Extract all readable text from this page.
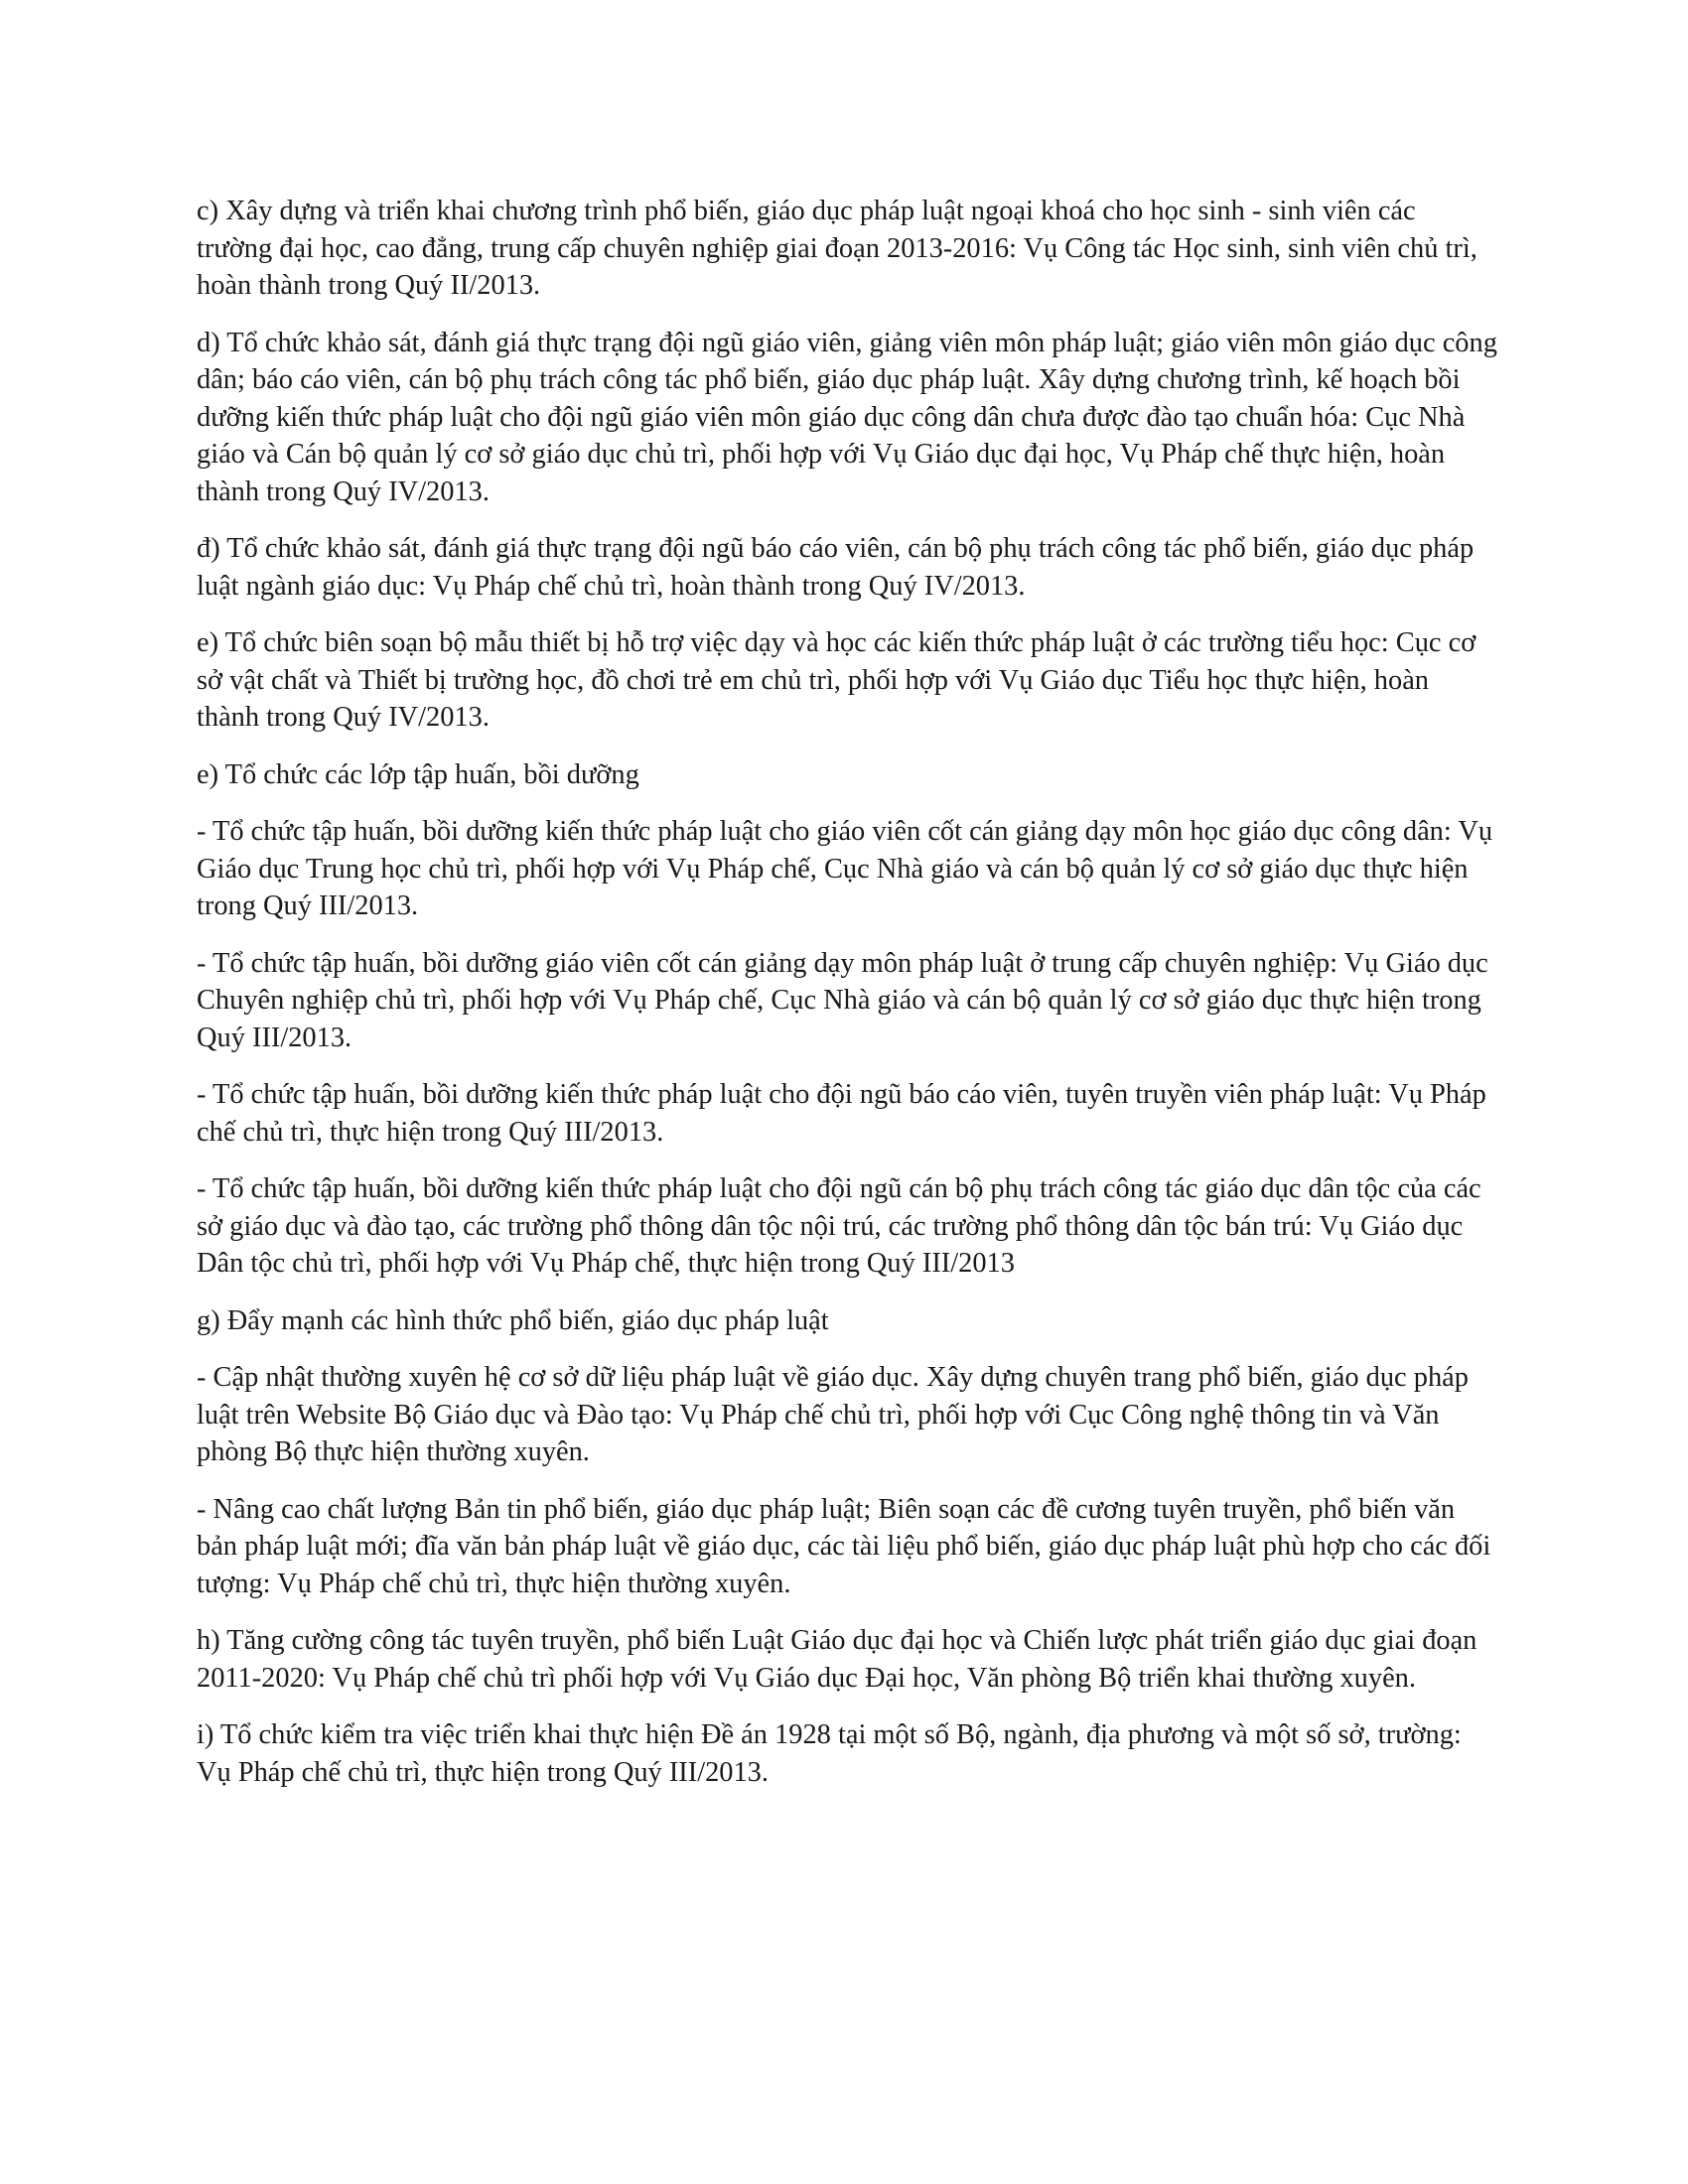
c) Xây dựng và triển khai chương trình phổ biến, giáo dục pháp luật ngoại khoá cho học sinh - sinh viên các trường đại học, cao đẳng, trung cấp chuyên nghiệp giai đoạn 2013-2016: Vụ Công tác Học sinh, sinh viên chủ trì, hoàn thành trong Quý II/2013.

d) Tổ chức khảo sát, đánh giá thực trạng đội ngũ giáo viên, giảng viên môn pháp luật; giáo viên môn giáo dục công dân; báo cáo viên, cán bộ phụ trách công tác phổ biến, giáo dục pháp luật. Xây dựng chương trình, kế hoạch bồi dưỡng kiến thức pháp luật cho đội ngũ giáo viên môn giáo dục công dân chưa được đào tạo chuẩn hóa: Cục Nhà giáo và Cán bộ quản lý cơ sở giáo dục chủ trì, phối hợp với Vụ Giáo dục đại học, Vụ Pháp chế thực hiện, hoàn thành trong Quý IV/2013.

đ) Tổ chức khảo sát, đánh giá thực trạng đội ngũ báo cáo viên, cán bộ phụ trách công tác phổ biến, giáo dục pháp luật ngành giáo dục: Vụ Pháp chế chủ trì, hoàn thành trong Quý IV/2013.

e) Tổ chức biên soạn bộ mẫu thiết bị hỗ trợ việc dạy và học các kiến thức pháp luật ở các trường tiểu học: Cục cơ sở vật chất và Thiết bị trường học, đồ chơi trẻ em chủ trì, phối hợp với Vụ Giáo dục Tiểu học thực hiện, hoàn thành trong Quý IV/2013.

e) Tổ chức các lớp tập huấn, bồi dưỡng

- Tổ chức tập huấn, bồi dưỡng kiến thức pháp luật cho giáo viên cốt cán giảng dạy môn học giáo dục công dân: Vụ Giáo dục Trung học chủ trì, phối hợp với Vụ Pháp chế, Cục Nhà giáo và cán bộ quản lý cơ sở giáo dục thực hiện trong Quý III/2013.

- Tổ chức tập huấn, bồi dưỡng giáo viên cốt cán giảng dạy môn pháp luật ở trung cấp chuyên nghiệp: Vụ Giáo dục Chuyên nghiệp chủ trì, phối hợp với Vụ Pháp chế, Cục Nhà giáo và cán bộ quản lý cơ sở giáo dục thực hiện trong Quý III/2013.

- Tổ chức tập huấn, bồi dưỡng kiến thức pháp luật cho đội ngũ báo cáo viên, tuyên truyền viên pháp luật: Vụ Pháp chế chủ trì, thực hiện trong Quý III/2013.

- Tổ chức tập huấn, bồi dưỡng kiến thức pháp luật cho đội ngũ cán bộ phụ trách công tác giáo dục dân tộc của các sở giáo dục và đào tạo, các trường phổ thông dân tộc nội trú, các trường phổ thông dân tộc bán trú: Vụ Giáo dục Dân tộc chủ trì, phối hợp với Vụ Pháp chế, thực hiện trong Quý III/2013

g) Đẩy mạnh các hình thức phổ biến, giáo dục pháp luật

- Cập nhật thường xuyên hệ cơ sở dữ liệu pháp luật về giáo dục. Xây dựng chuyên trang phổ biến, giáo dục pháp luật trên Website Bộ Giáo dục và Đào tạo: Vụ Pháp chế chủ trì, phối hợp với Cục Công nghệ thông tin và Văn phòng Bộ thực hiện thường xuyên.

- Nâng cao chất lượng Bản tin phổ biến, giáo dục pháp luật; Biên soạn các đề cương tuyên truyền, phổ biến văn bản pháp luật mới; đĩa văn bản pháp luật về giáo dục, các tài liệu phổ biến, giáo dục pháp luật phù hợp cho các đối tượng: Vụ Pháp chế chủ trì, thực hiện thường xuyên.

h) Tăng cường công tác tuyên truyền, phổ biến Luật Giáo dục đại học và Chiến lược phát triển giáo dục giai đoạn 2011-2020: Vụ Pháp chế chủ trì phối hợp với Vụ Giáo dục Đại học, Văn phòng Bộ triển khai thường xuyên.

i) Tổ chức kiểm tra việc triển khai thực hiện Đề án 1928 tại một số Bộ, ngành, địa phương và một số sở, trường: Vụ Pháp chế chủ trì, thực hiện trong Quý III/2013.
